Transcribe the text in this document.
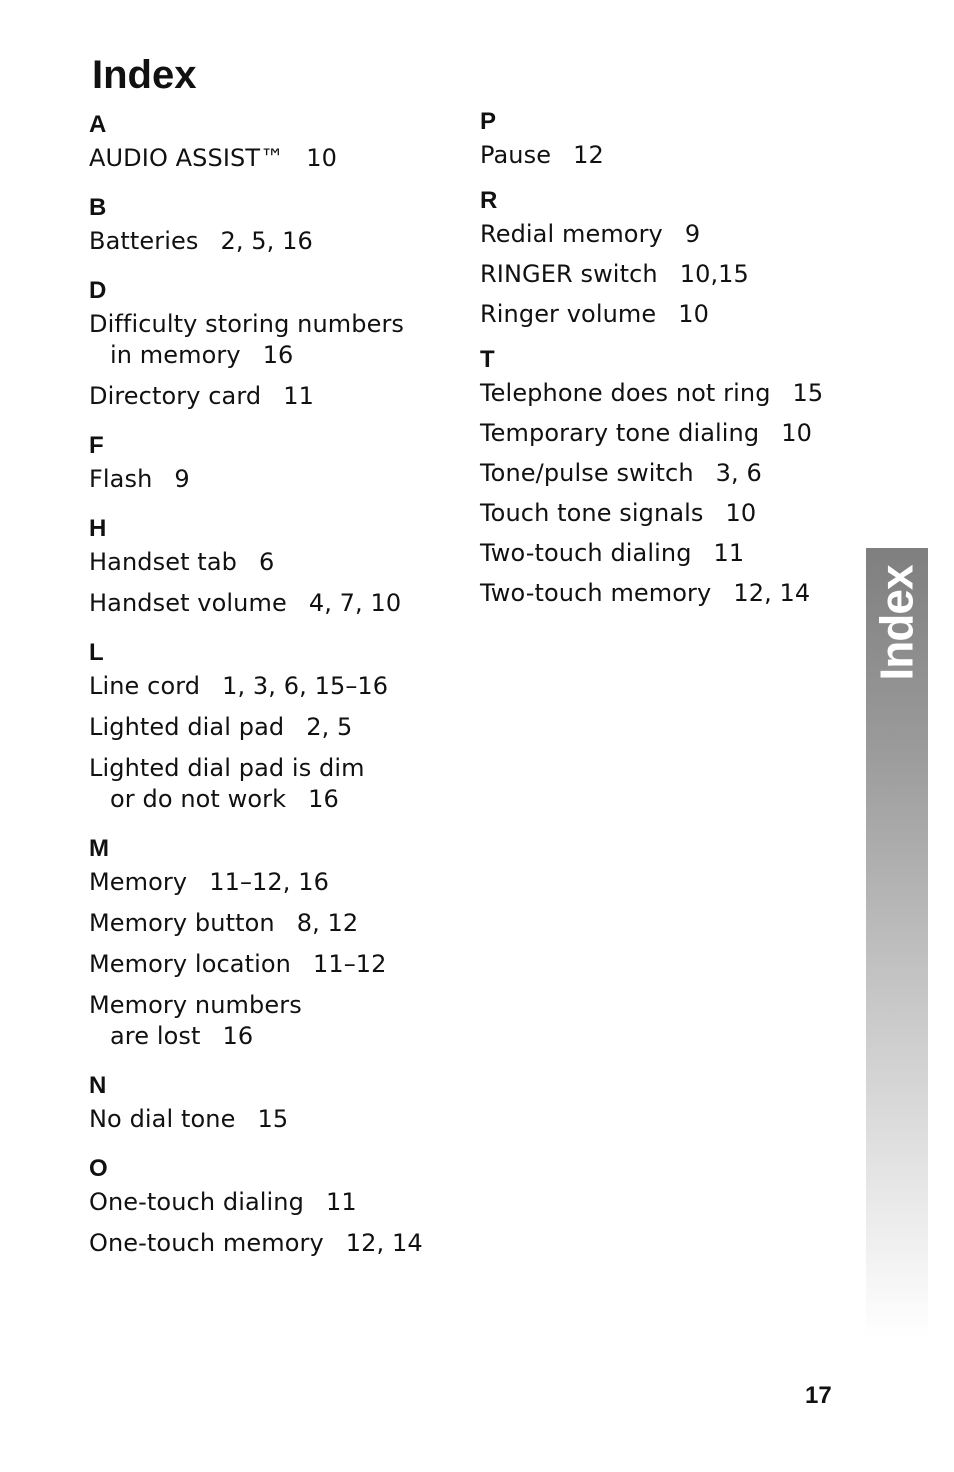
Index
A
AUDIO ASSIST™ 10
B
Batteries 2, 5, 16
D
Difficulty storing numbers
in memory 16
Directory card 11
F
Flash 9
H
Handset tab 6
Handset volume 4, 7, 10
L
Line cord 1, 3, 6, 15–16
Lighted dial pad 2, 5
Lighted dial pad is dim
or do not work 16
M
Memory 11–12, 16
Memory button 8, 12
Memory location 11–12
Memory numbers
are lost 16
N
No dial tone 15
O
One-touch dialing 11
One-touch memory 12, 14
P
Pause 12
R
Redial memory 9
RINGER switch 10,15
Ringer volume 10
T
Telephone does not ring 15
Temporary tone dialing 10
Tone/pulse switch 3, 6
Touch tone signals 10
Two-touch dialing 11
Two-touch memory 12, 14	Index
17
